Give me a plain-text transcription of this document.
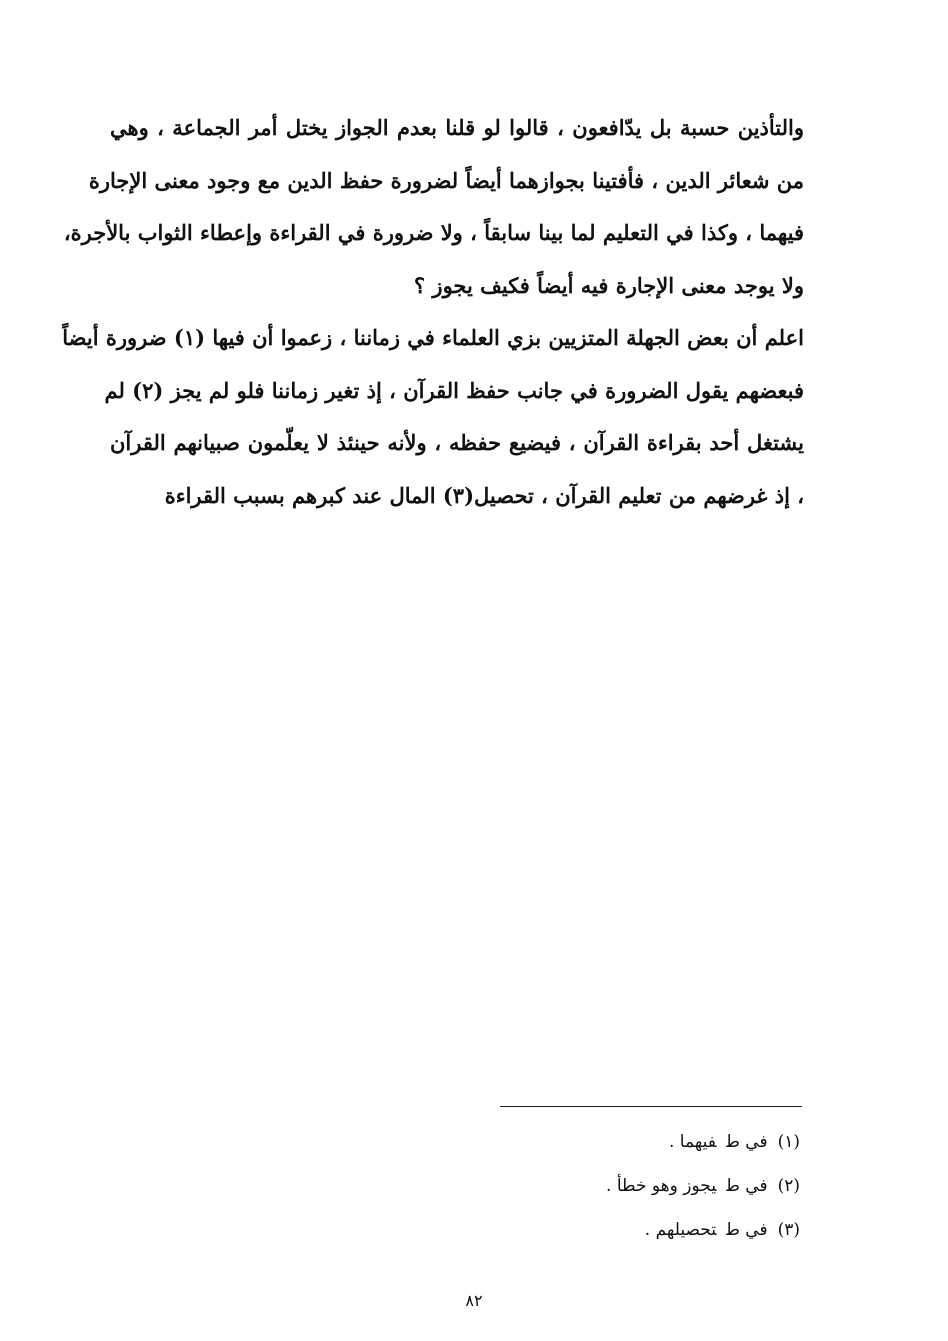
والتأذين حسبة بل يدّافعون ، قالوا لو قلنا بعدم الجواز يختل أمر الجماعة ، وهي
من شعائر الدين ، فأفتينا بجوازهما أيضاً لضرورة حفظ الدين مع وجود معنى الإجارة
فيهما ، وكذا في التعليم لما بينا سابقاً ، ولا ضرورة في القراءة وإعطاء الثواب بالأجرة،
ولا يوجد معنى الإجارة فيه أيضاً فكيف يجوز ؟
اعلم أن بعض الجهلة المتزيين بزي العلماء في زماننا ، زعموا أن فيها (١) ضرورة أيضاً
فبعضهم يقول الضرورة في جانب حفظ القرآن ، إذ تغير زماننا فلو لم يجز (٢) لم
يشتغل أحد بقراءة القرآن ، فيضيع حفظه ، ولأنه حينئذ لا يعلّمون صبيانهم القرآن
، إذ غرضهم من تعليم القرآن ، تحصيل(٣) المال عند كبرهم بسبب القراءة
(١)في طفيهما .
(٢)في طيجوز وهو خطأ .
(٣)في طتحصيلهم .
٨٢
